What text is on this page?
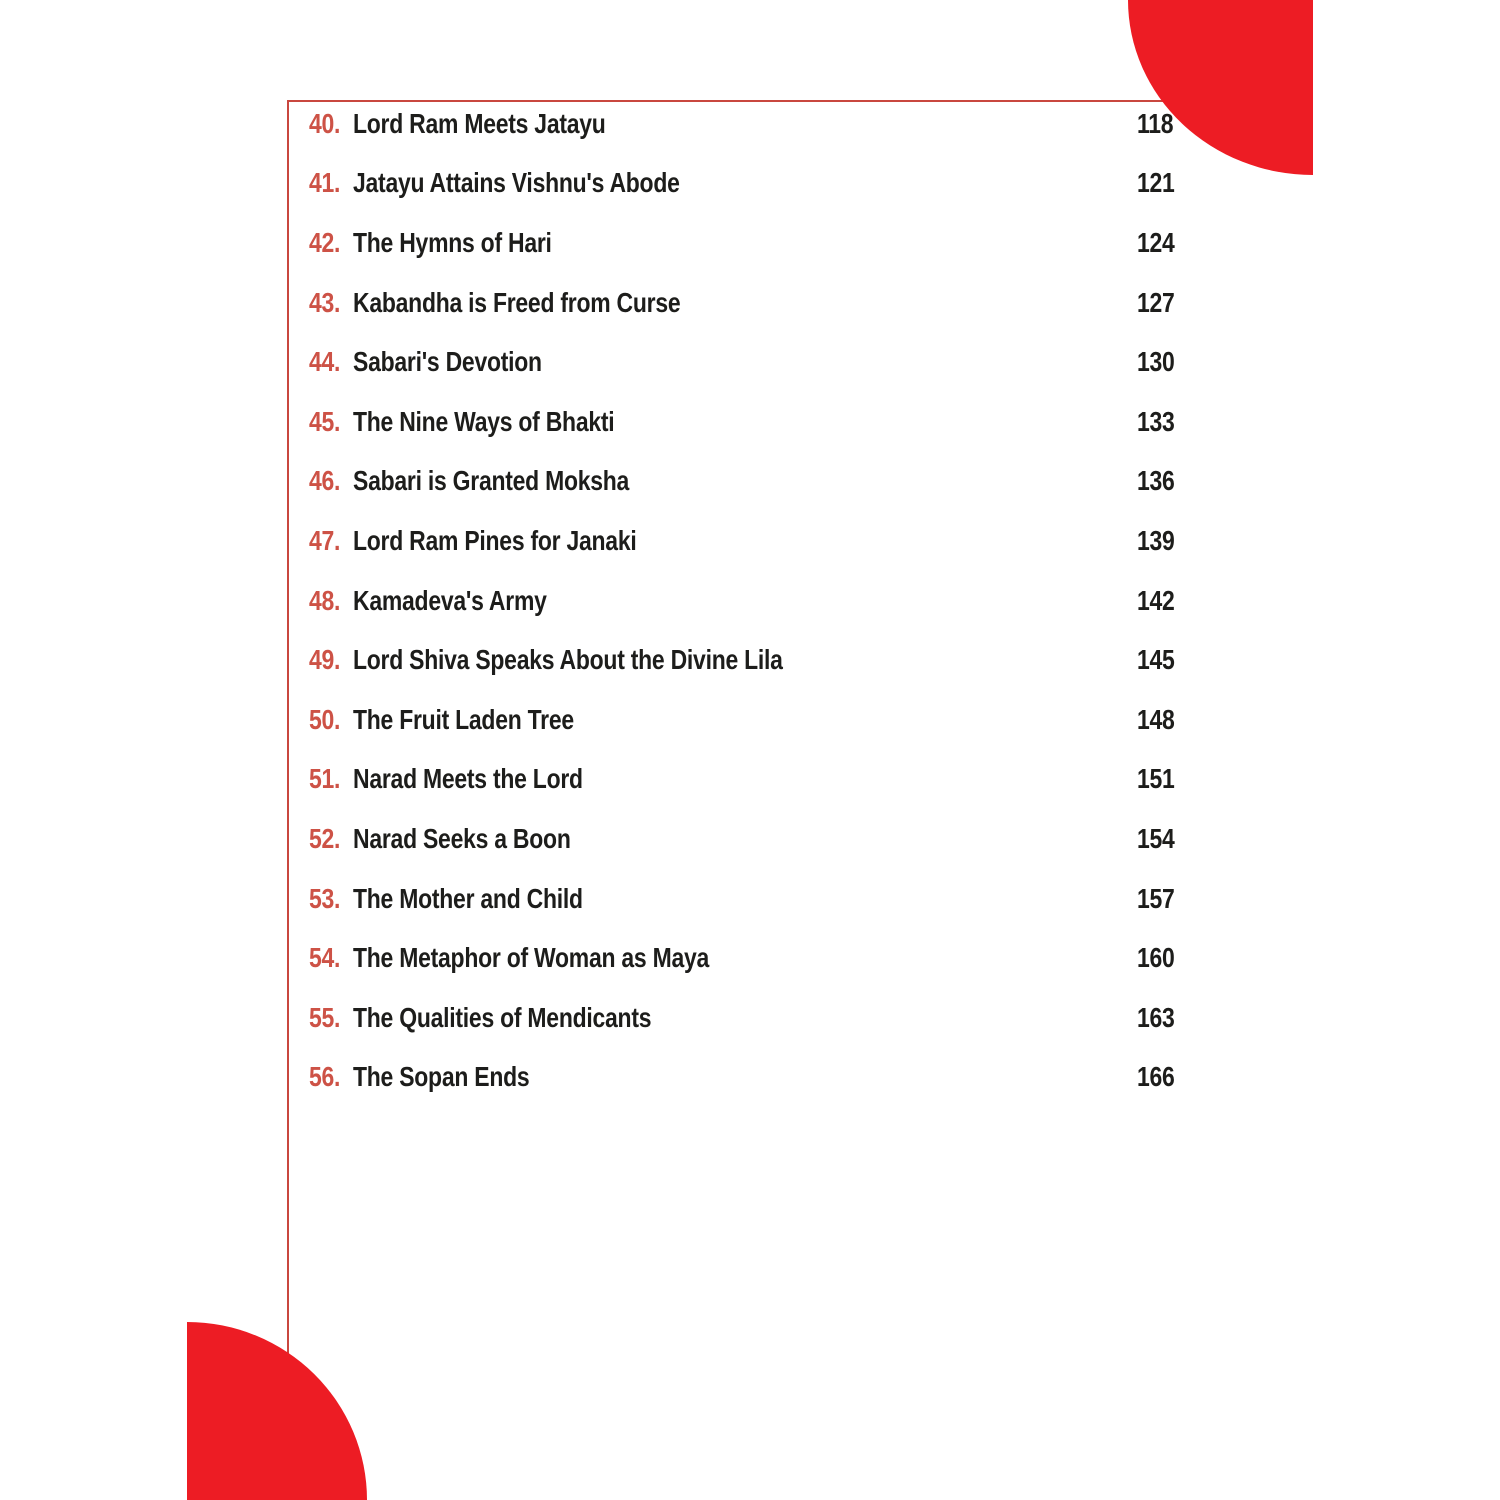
40. Lord Ram Meets Jatayu	118
41. Jatayu Attains Vishnu's Abode	121
42. The Hymns of Hari	124
43. Kabandha is Freed from Curse	127
44. Sabari's Devotion	130
45. The Nine Ways of Bhakti	133
46. Sabari is Granted Moksha	136
47. Lord Ram Pines for Janaki	139
48. Kamadeva's Army	142
49. Lord Shiva Speaks About the Divine Lila	145
50. The Fruit Laden Tree	148
51. Narad Meets the Lord	151
52. Narad Seeks a Boon	154
53. The Mother and Child	157
54. The Metaphor of Woman as Maya	160
55. The Qualities of Mendicants	163
56. The Sopan Ends	166
